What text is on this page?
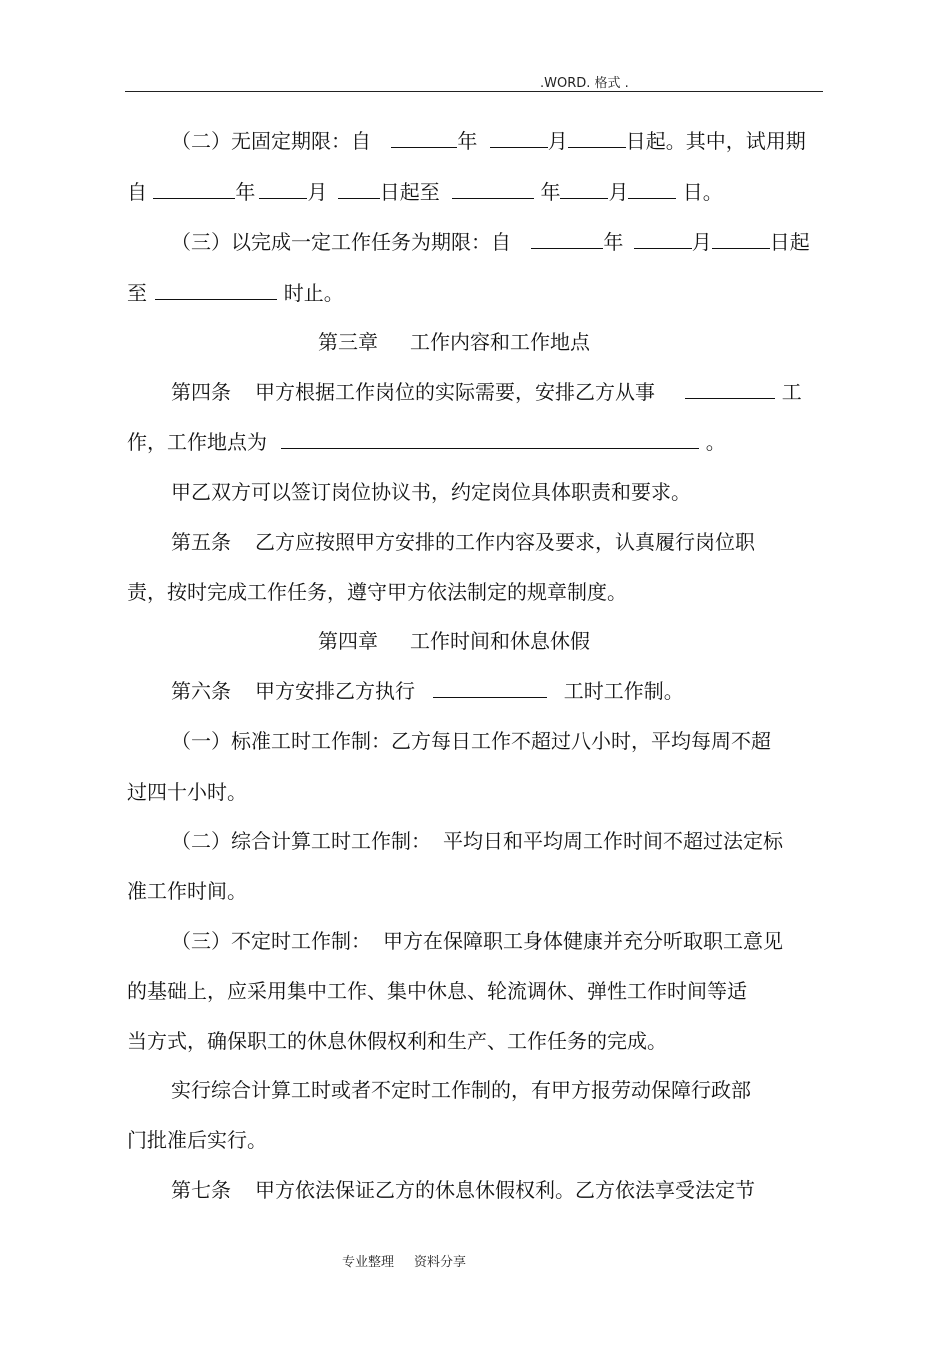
.WORD. 格式 .
（二）无固定期限：自	年	月	日起。其中，试用期
自	年	月	日起至	年 月	日。
（三）以完成一定工作任务为期限：自	年	月	日起
至	时止。
第三章 工作内容和工作地点
第四条 甲方根据工作岗位的实际需要，安排乙方从事	工
作，工作地点为	。
甲乙双方可以签订岗位协议书，约定岗位具体职责和要求。
第五条 乙方应按照甲方安排的工作内容及要求，认真履行岗位职
责，按时完成工作任务，遵守甲方依法制定的规章制度。
第四章 工作时间和休息休假
第六条 甲方安排乙方执行	工时工作制。
（一）标准工时工作制：乙方每日工作不超过八小时，平均每周不超
过四十小时。
（二）综合计算工时工作制： 平均日和平均周工作时间不超过法定标
准工作时间。
（三）不定时工作制： 甲方在保障职工身体健康并充分听取职工意见
的基础上，应采用集中工作、集中休息、轮流调休、弹性工作时间等适
当方式，确保职工的休息休假权利和生产、工作任务的完成。
实行综合计算工时或者不定时工作制的，有甲方报劳动保障行政部
门批准后实行。
第七条 甲方依法保证乙方的休息休假权利。乙方依法享受法定节
专业整理 资料分享
